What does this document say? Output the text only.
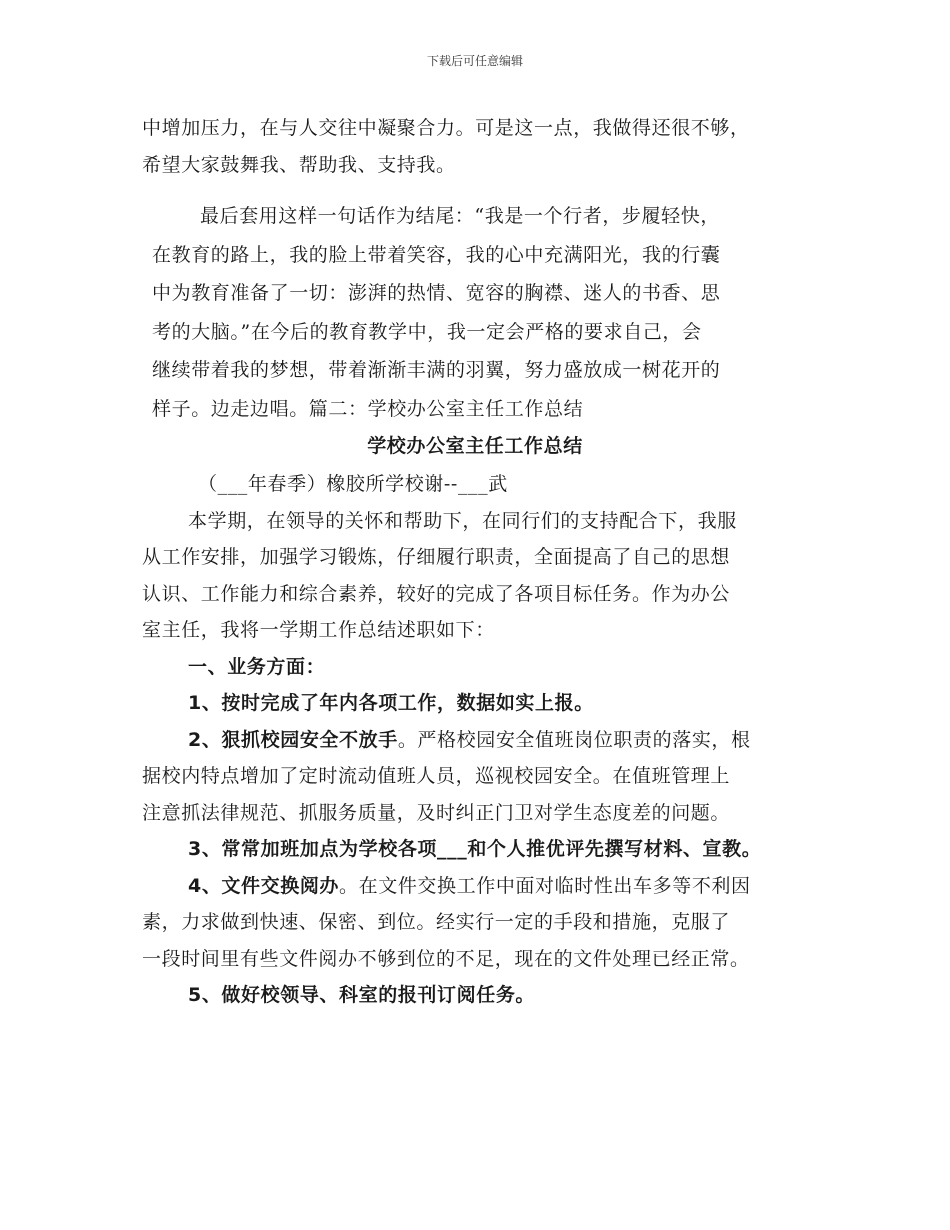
下载后可任意编辑
中增加压力，在与人交往中凝聚合力。可是这一点，我做得还很不够，
希望大家鼓舞我、帮助我、支持我。
最后套用这样一句话作为结尾：“我是一个行者，步履轻快，
在教育的路上，我的脸上带着笑容，我的心中充满阳光，我的行囊
中为教育准备了一切：澎湃的热情、宽容的胸襟、迷人的书香、思
考的大脑。”在今后的教育教学中，我一定会严格的要求自己，会
继续带着我的梦想，带着渐渐丰满的羽翼，努力盛放成一树花开的
样子。边走边唱。篇二：学校办公室主任工作总结
学校办公室主任工作总结
（___年春季）橡胶所学校谢--___武
本学期，在领导的关怀和帮助下，在同行们的支持配合下，我服
从工作安排，加强学习锻炼，仔细履行职责，全面提高了自己的思想
认识、工作能力和综合素养，较好的完成了各项目标任务。作为办公
室主任，我将一学期工作总结述职如下：
一、业务方面：
1、按时完成了年内各项工作，数据如实上报。
2、狠抓校园安全不放手。严格校园安全值班岗位职责的落实，根
据校内特点增加了定时流动值班人员，巡视校园安全。在值班管理上
注意抓法律规范、抓服务质量，及时纠正门卫对学生态度差的问题。
3、常常加班加点为学校各项___和个人推优评先撰写材料、宣教。
4、文件交换阅办。在文件交换工作中面对临时性出车多等不利因
素，力求做到快速、保密、到位。经实行一定的手段和措施，克服了
一段时间里有些文件阅办不够到位的不足，现在的文件处理已经正常。
5、做好校领导、科室的报刊订阅任务。
